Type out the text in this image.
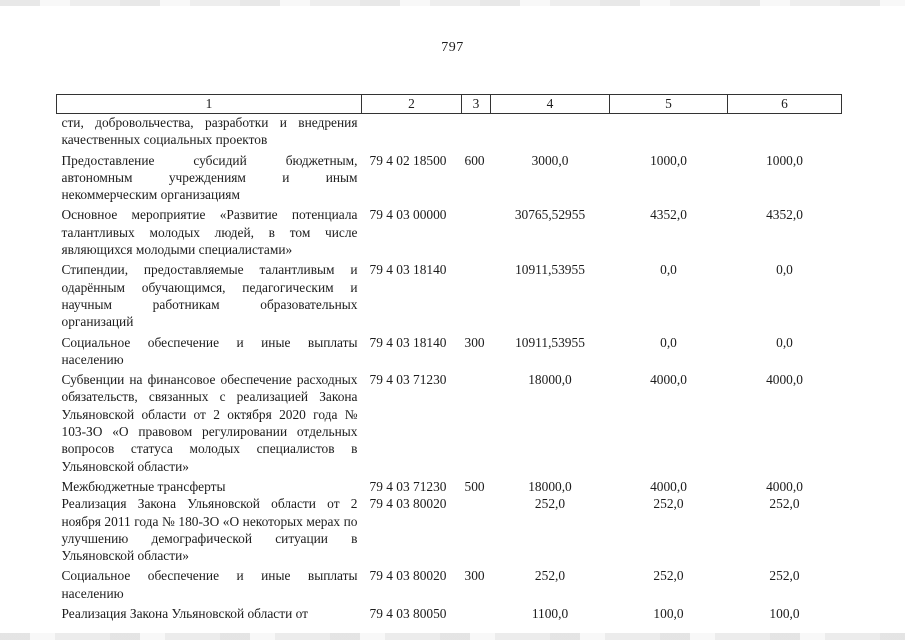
797
1	2	3	4	5	6
сти, добровольчества, разработки и внедрения качественных социальных проектов					
Предоставление субсидий бюджетным, автономным учреждениям и иным некоммерческим организациям	79 4 02 18500	600	3000,0	1000,0	1000,0
Основное мероприятие «Развитие потенциала талантливых молодых людей, в том числе являющихся молодыми специалистами»	79 4 03 00000		30765,52955	4352,0	4352,0
Стипендии, предоставляемые талантливым и одарённым обучающимся, педагогическим и научным работникам образовательных организаций	79 4 03 18140		10911,53955	0,0	0,0
Социальное обеспечение и иные выплаты населению	79 4 03 18140	300	10911,53955	0,0	0,0
Субвенции на финансовое обеспечение расходных обязательств, связанных с реализацией Закона Ульяновской области от 2 октября 2020 года № 103-ЗО «О правовом регулировании отдельных вопросов статуса молодых специалистов в Ульяновской области»	79 4 03 71230		18000,0	4000,0	4000,0
Межбюджетные трансферты	79 4 03 71230	500	18000,0	4000,0	4000,0
Реализация Закона Ульяновской области от 2 ноября 2011 года № 180-ЗО «О некоторых мерах по улучшению демографической ситуации в Ульяновской области»	79 4 03 80020		252,0	252,0	252,0
Социальное обеспечение и иные выплаты населению	79 4 03 80020	300	252,0	252,0	252,0
Реализация Закона Ульяновской области от	79 4 03 80050		1100,0	100,0	100,0
